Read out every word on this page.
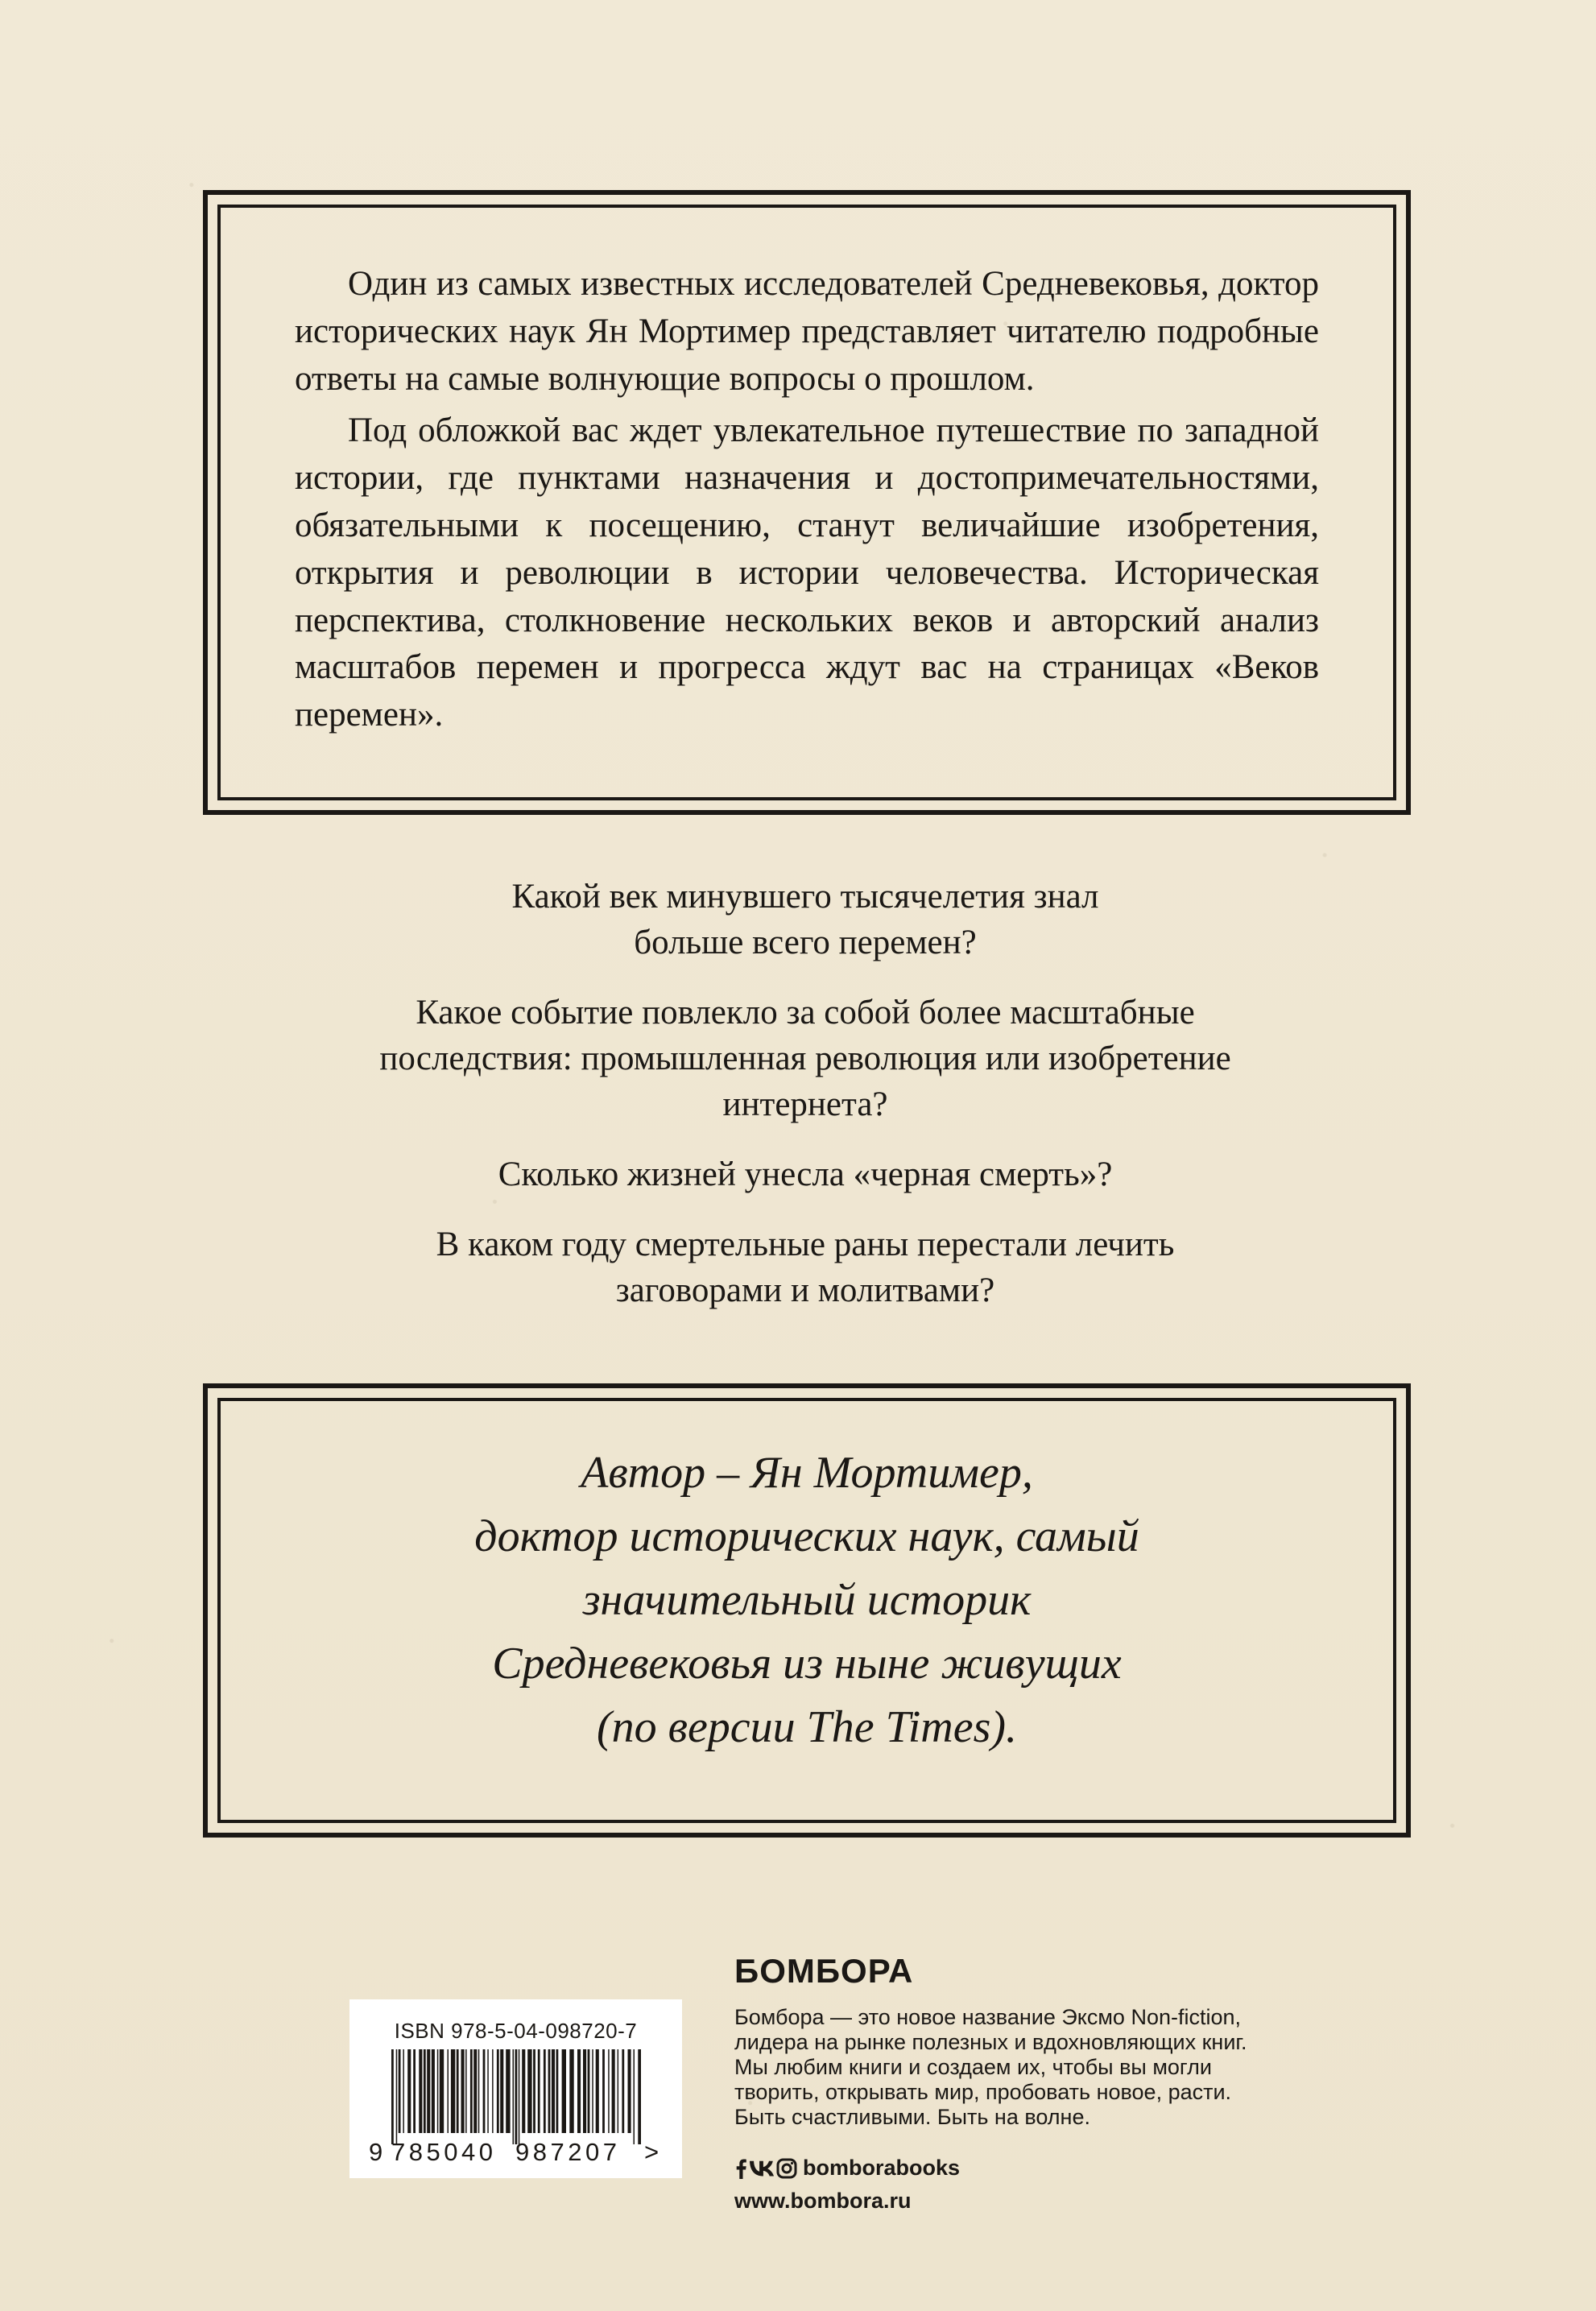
Один из самых известных исследователей Средневековья, доктор исторических наук Ян Мортимер представляет читателю подробные ответы на самые волнующие вопросы о прошлом.

Под обложкой вас ждет увлекательное путешествие по западной истории, где пунктами назначения и достопримечательностями, обязательными к посещению, станут величайшие изобретения, открытия и революции в истории человечества. Историческая перспектива, столкновение нескольких веков и авторский анализ масштабов перемен и прогресса ждут вас на страницах «Веков перемен».

Какой век минувшего тысячелетия знал
больше всего перемен?

Какое событие повлекло за собой более масштабные
последствия: промышленная революция или изобретение
интернета?

Сколько жизней унесла «черная смерть»?

В каком году смертельные раны перестали лечить
заговорами и молитвами?

Автор – Ян Мортимер,
доктор исторических наук, самый
значительный историк
Средневековья из ныне живущих
(по версии The Times).

ISBN 978-5-04-098720-7
9 785040 987207 >
БОМБОРА

Бомбора — это новое название Эксмо Non-fiction,

лидера на рынке полезных и вдохновляющих книг.

Мы любим книги и создаем их, чтобы вы могли

творить, открывать мир, пробовать новое, расти.

Быть счастливыми. Быть на волне.

bomborabooks
www.bombora.ru
